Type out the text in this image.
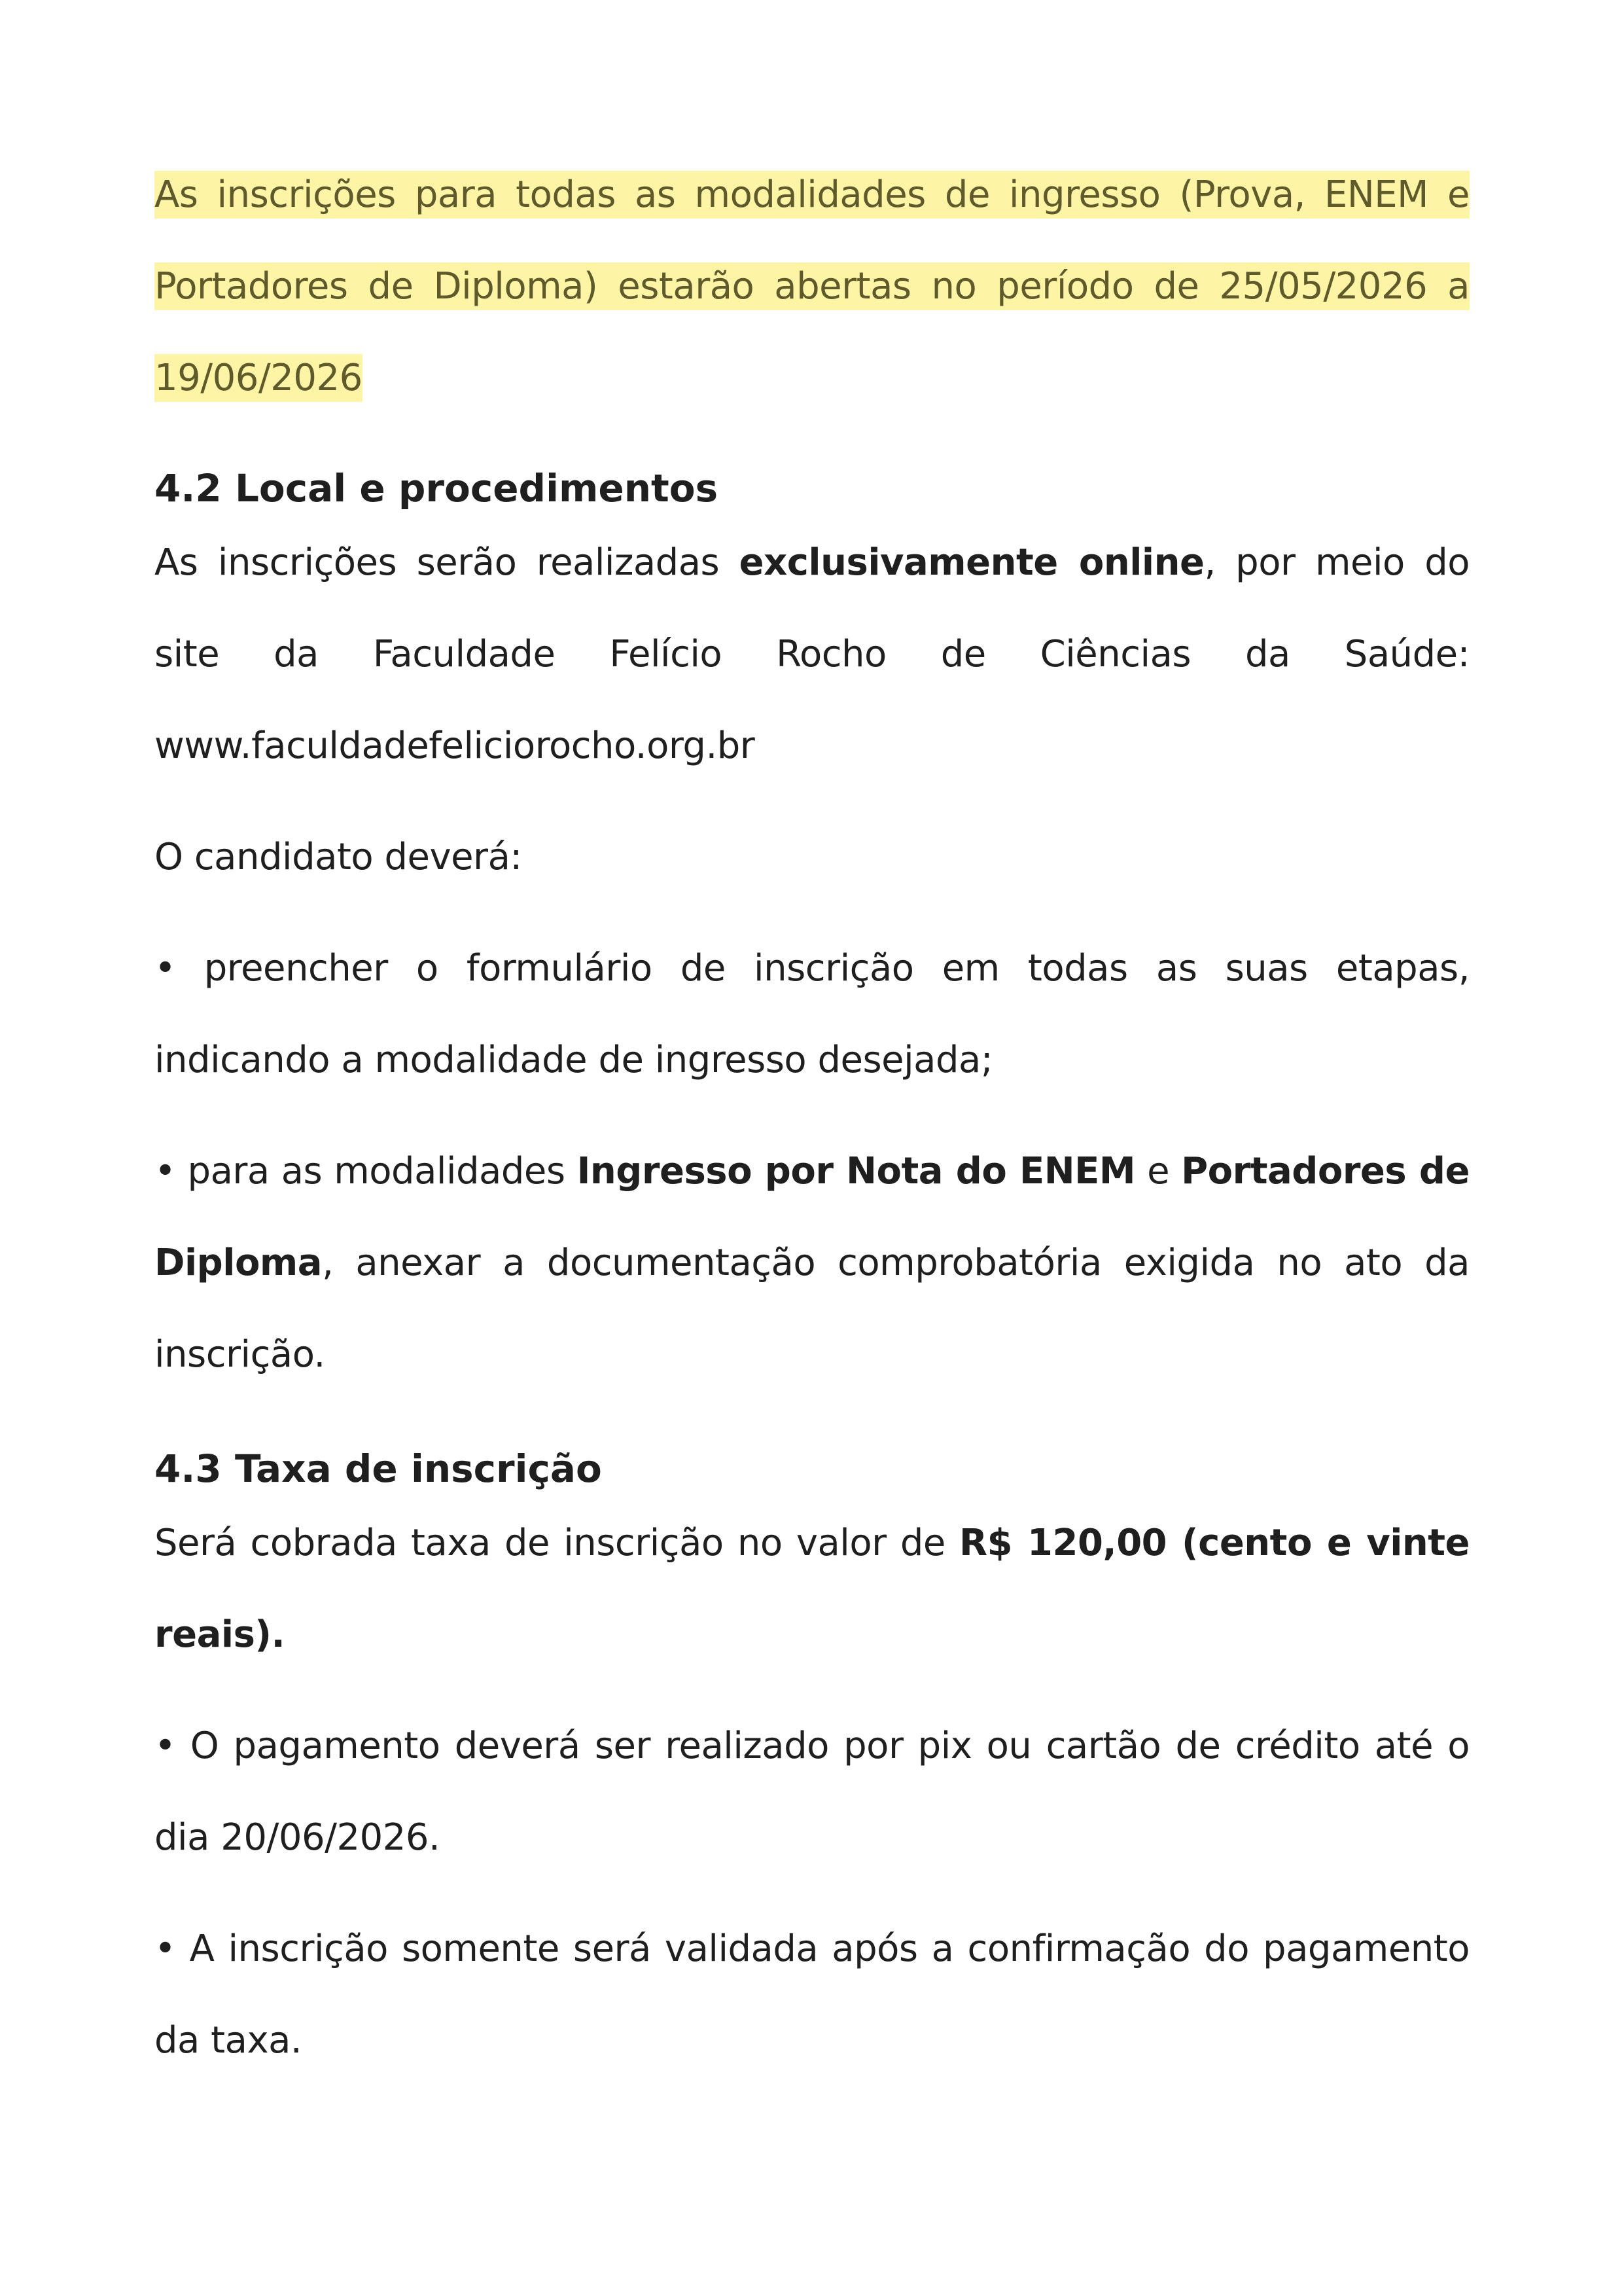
As inscrições para todas as modalidades de ingresso (Prova, ENEM e Portadores de Diploma) estarão abertas no período de 25/05/2026 a 19/06/2026

4.2 Local e procedimentos

As inscrições serão realizadas exclusivamente online, por meio do site da Faculdade Felício Rocho de Ciências da Saúde: www.faculdadefeliciorocho.org.br

O candidato deverá:

• preencher o formulário de inscrição em todas as suas etapas, indicando a modalidade de ingresso desejada;

• para as modalidades Ingresso por Nota do ENEM e Portadores de Diploma, anexar a documentação comprobatória exigida no ato da inscrição.

4.3 Taxa de inscrição

Será cobrada taxa de inscrição no valor de R$ 120,00 (cento e vinte reais).

• O pagamento deverá ser realizado por pix ou cartão de crédito até o dia 20/06/2026.

• A inscrição somente será validada após a confirmação do pagamento da taxa.
